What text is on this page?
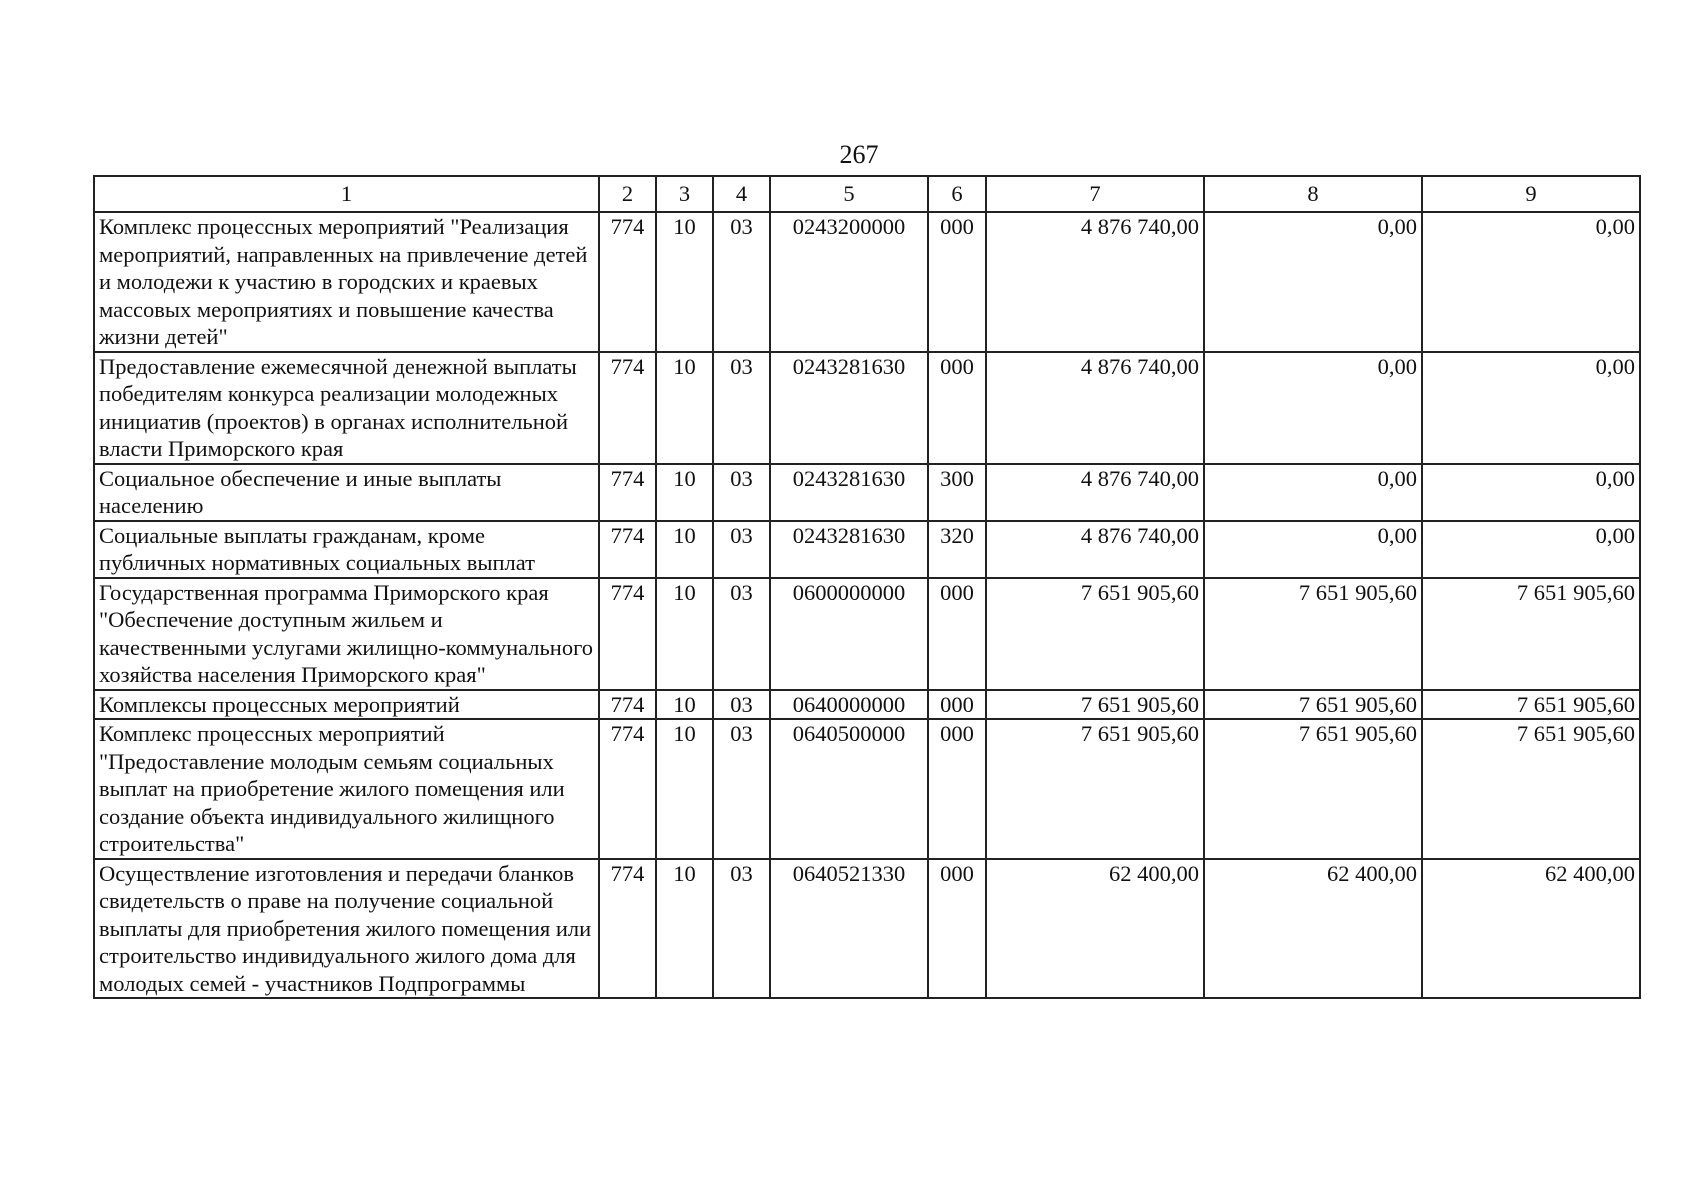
267
1	2	3	4	5	6	7	8	9
Комплекс процессных мероприятий "Реализация мероприятий, направленных на привлечение детей и молодежи к участию в городских и краевых массовых мероприятиях и повышение качества жизни детей"	774	10	03	0243200000	000	4 876 740,00	0,00	0,00
Предоставление ежемесячной денежной выплаты победителям конкурса реализации молодежных инициатив (проектов) в органах исполнительной власти Приморского края	774	10	03	0243281630	000	4 876 740,00	0,00	0,00
Социальное обеспечение и иные выплаты населению	774	10	03	0243281630	300	4 876 740,00	0,00	0,00
Социальные выплаты гражданам, кроме публичных нормативных социальных выплат	774	10	03	0243281630	320	4 876 740,00	0,00	0,00
Государственная программа Приморского края "Обеспечение доступным жильем и качественными услугами жилищно-коммунального хозяйства населения Приморского края"	774	10	03	0600000000	000	7 651 905,60	7 651 905,60	7 651 905,60
Комплексы процессных мероприятий	774	10	03	0640000000	000	7 651 905,60	7 651 905,60	7 651 905,60
Комплекс процессных мероприятий "Предоставление молодым семьям социальных выплат на приобретение жилого помещения или создание объекта индивидуального жилищного строительства"	774	10	03	0640500000	000	7 651 905,60	7 651 905,60	7 651 905,60
Осуществление изготовления и передачи бланков свидетельств о праве на получение социальной выплаты для приобретения жилого помещения или строительство индивидуального жилого дома для молодых семей - участников Подпрограммы	774	10	03	0640521330	000	62 400,00	62 400,00	62 400,00
